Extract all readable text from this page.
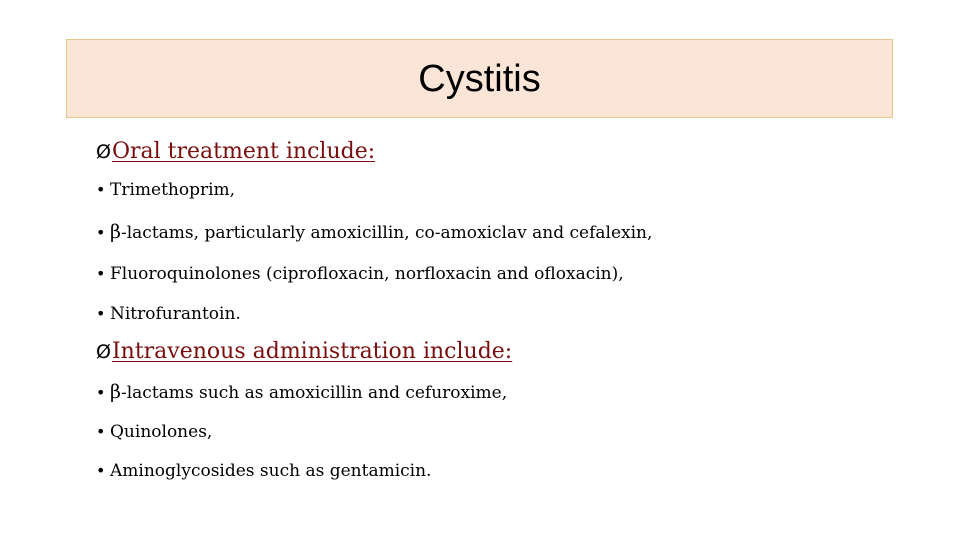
Cystitis
ØOral treatment include:
• Trimethoprim,
• β-lactams, particularly amoxicillin, co-amoxiclav and cefalexin,
• Fluoroquinolones (ciprofloxacin, norfloxacin and ofloxacin),
• Nitrofurantoin.
ØIntravenous administration include:
• β-lactams such as amoxicillin and cefuroxime,
• Quinolones,
• Aminoglycosides such as gentamicin.
